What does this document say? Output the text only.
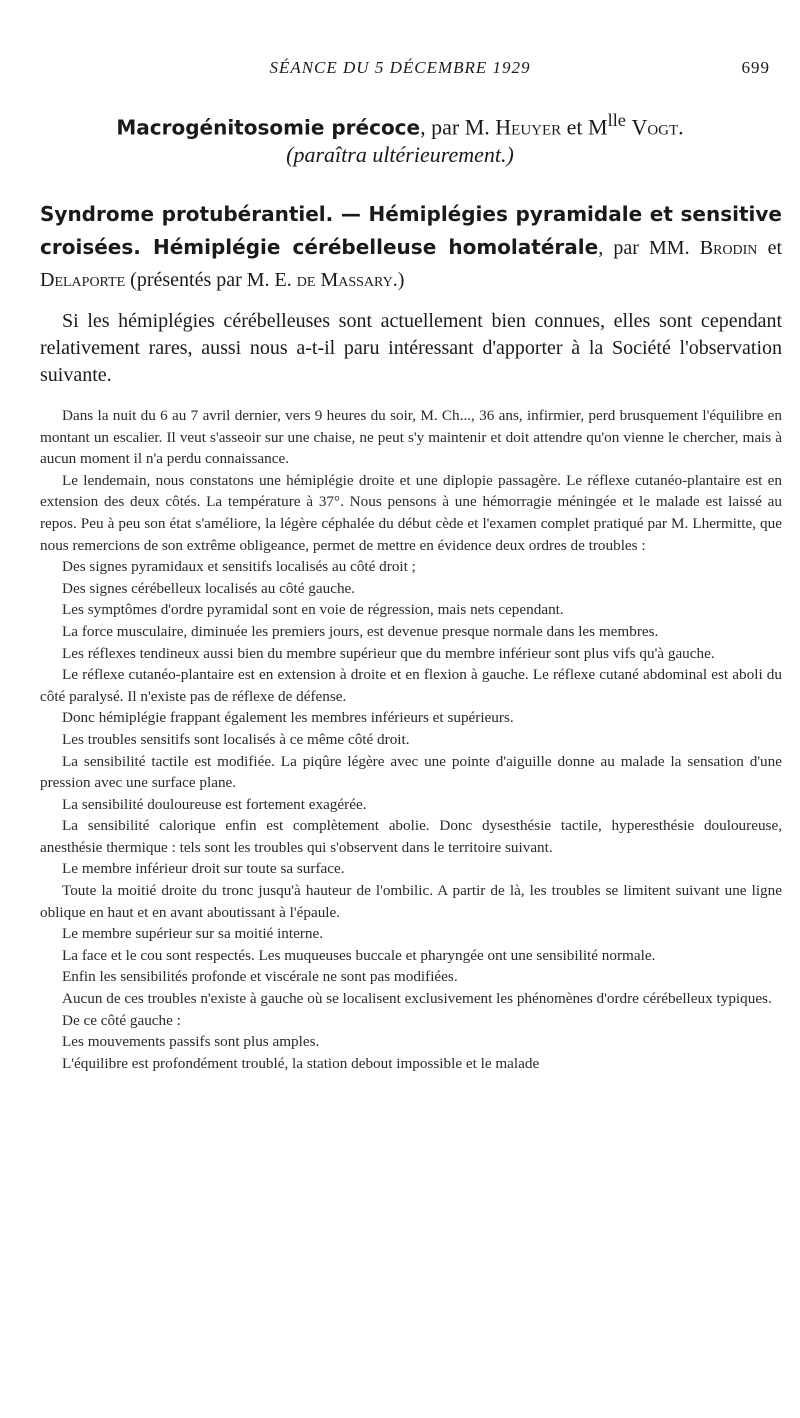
SÉANCE DU 5 DÉCEMBRE 1929	699
Macrogénitosomie précoce, par M. Heuyer et $M^{lle}$ Vogt.
(paraîtra ultérieurement.)

Syndrome protubérantiel. — Hémiplégies pyramidale et sensitive croisées. Hémiplégie cérébelleuse homolatérale, par MM. Brodin et Delaporte (présentés par M. E. de Massary.)

Si les hémiplégies cérébelleuses sont actuellement bien connues, elles sont cependant relativement rares, aussi nous a-t-il paru intéressant d'apporter à la Société l'observation suivante.

Dans la nuit du 6 au 7 avril dernier, vers 9 heures du soir, M. Ch..., 36 ans, infirmier, perd brusquement l'équilibre en montant un escalier. Il veut s'asseoir sur une chaise, ne peut s'y maintenir et doit attendre qu'on vienne le chercher, mais à aucun moment il n'a perdu connaissance.

Le lendemain, nous constatons une hémiplégie droite et une diplopie passagère. Le réflexe cutanéo-plantaire est en extension des deux côtés. La température à 37°. Nous pensons à une hémorragie méningée et le malade est laissé au repos. Peu à peu son état s'améliore, la légère céphalée du début cède et l'examen complet pratiqué par M. Lhermitte, que nous remercions de son extrême obligeance, permet de mettre en évidence deux ordres de troubles :

Des signes pyramidaux et sensitifs localisés au côté droit ;

Des signes cérébelleux localisés au côté gauche.

Les symptômes d'ordre pyramidal sont en voie de régression, mais nets cependant.

La force musculaire, diminuée les premiers jours, est devenue presque normale dans les membres.

Les réflexes tendineux aussi bien du membre supérieur que du membre inférieur sont plus vifs qu'à gauche.

Le réflexe cutanéo-plantaire est en extension à droite et en flexion à gauche. Le réflexe cutané abdominal est aboli du côté paralysé. Il n'existe pas de réflexe de défense.

Donc hémiplégie frappant également les membres inférieurs et supérieurs.

Les troubles sensitifs sont localisés à ce même côté droit.

La sensibilité tactile est modifiée. La piqûre légère avec une pointe d'aiguille donne au malade la sensation d'une pression avec une surface plane.

La sensibilité douloureuse est fortement exagérée.

La sensibilité calorique enfin est complètement abolie. Donc dysesthésie tactile, hyperesthésie douloureuse, anesthésie thermique : tels sont les troubles qui s'observent dans le territoire suivant.

Le membre inférieur droit sur toute sa surface.

Toute la moitié droite du tronc jusqu'à hauteur de l'ombilic. A partir de là, les troubles se limitent suivant une ligne oblique en haut et en avant aboutissant à l'épaule.

Le membre supérieur sur sa moitié interne.

La face et le cou sont respectés. Les muqueuses buccale et pharyngée ont une sensibilité normale.

Enfin les sensibilités profonde et viscérale ne sont pas modifiées.

Aucun de ces troubles n'existe à gauche où se localisent exclusivement les phénomènes d'ordre cérébelleux typiques.

De ce côté gauche :

Les mouvements passifs sont plus amples.

L'équilibre est profondément troublé, la station debout impossible et le malade
